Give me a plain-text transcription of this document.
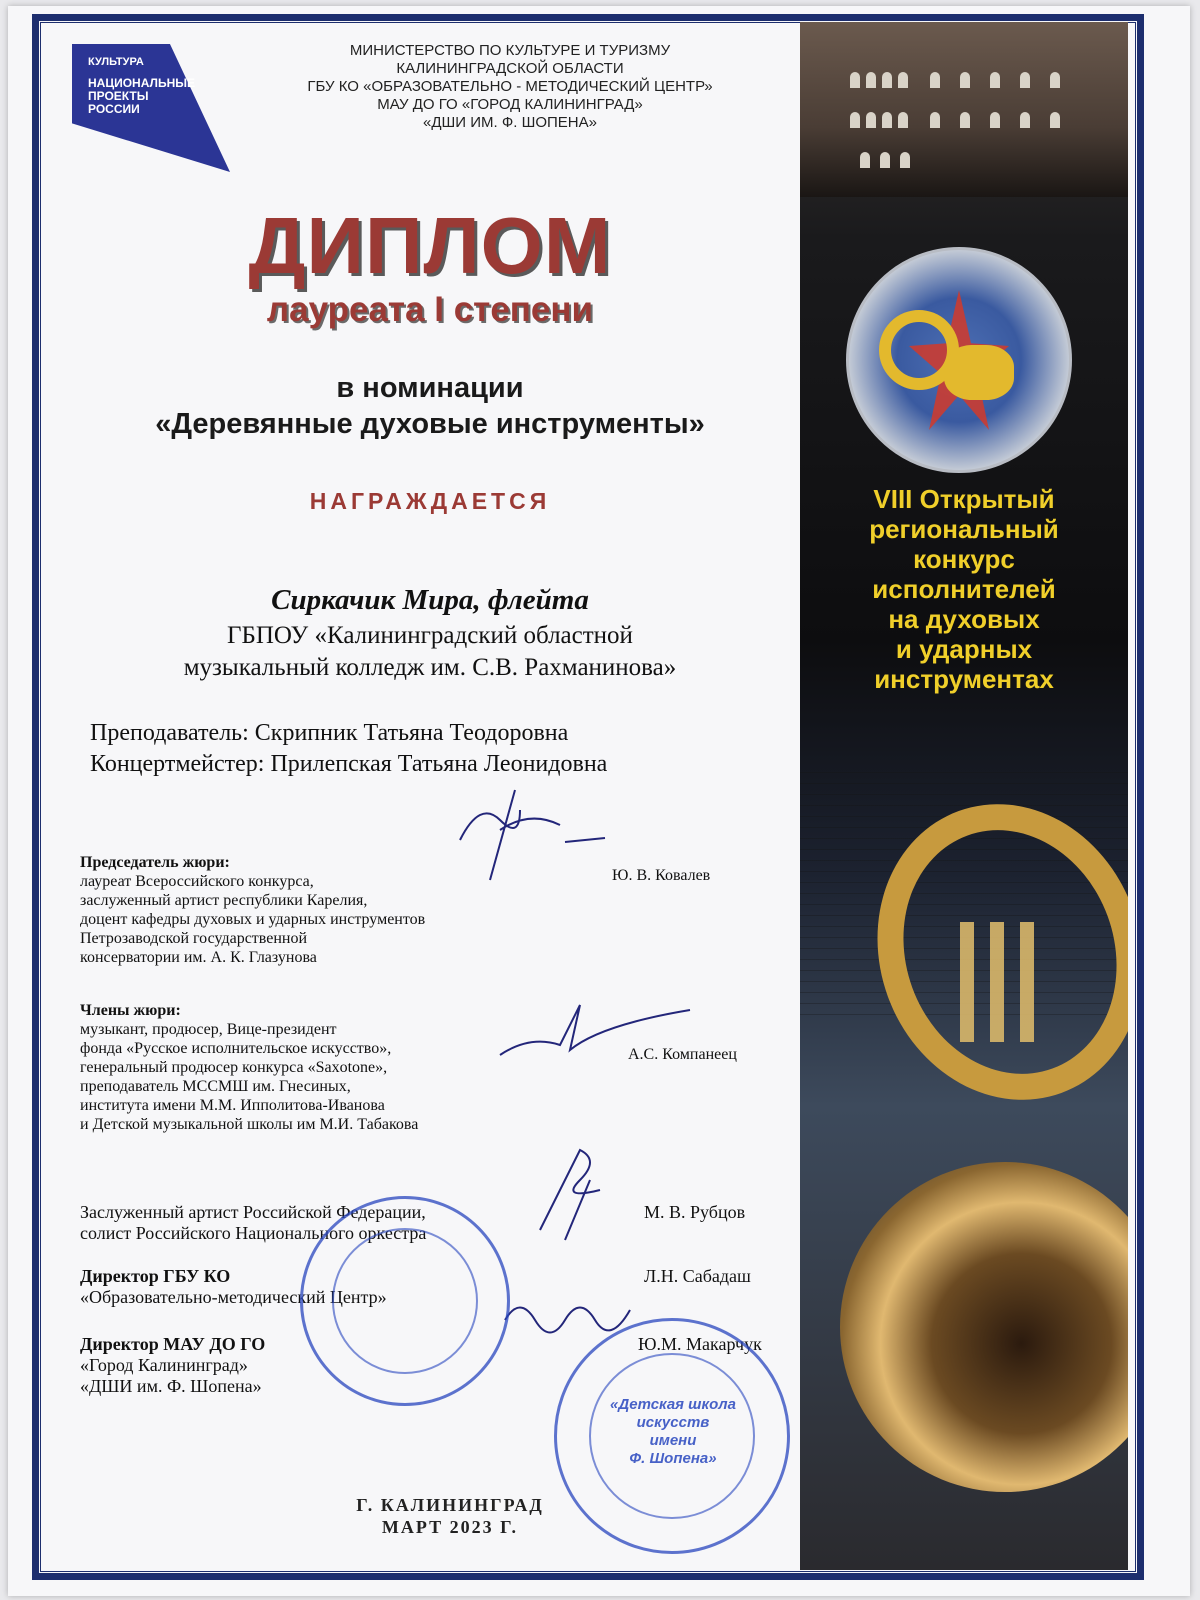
VIII Открытый
региональный
конкурс
исполнителей
на духовых
и ударных
инструментах
КУЛЬТУРА
НАЦИОНАЛЬНЫЕ ПРОЕКТЫ РОССИИ
МИНИСТЕРСТВО ПО КУЛЬТУРЕ И ТУРИЗМУ
КАЛИНИНГРАДСКОЙ ОБЛАСТИ
ГБУ КО «ОБРАЗОВАТЕЛЬНО - МЕТОДИЧЕСКИЙ ЦЕНТР»
МАУ ДО ГО «ГОРОД КАЛИНИНГРАД»
«ДШИ ИМ. Ф. ШОПЕНА»
ДИПЛОМ
лауреата I степени
в номинации
«Деревянные духовые инструменты»
НАГРАЖДАЕТСЯ
Сиркачик Мира, флейта
ГБПОУ «Калининградский областной
музыкальный колледж им. С.В. Рахманинова»
Преподаватель: Скрипник Татьяна Теодоровна
Концертмейстер: Прилепская Татьяна Леонидовна
Председатель жюри:
лауреат Всероссийского конкурса,
заслуженный артист республики Карелия,
доцент кафедры духовых и ударных инструментов
Петрозаводской государственной
консерватории им. А. К. Глазунова
Ю. В. Ковалев
Члены жюри:
музыкант, продюсер, Вице-президент
фонда «Русское исполнительское искусство»,
генеральный продюсер конкурса «Saxotone»,
преподаватель МССМШ им. Гнесиных,
института имени М.М. Ипполитова-Иванова
и Детской музыкальной школы им М.И. Табакова
А.С. Компанеец
Заслуженный артист Российской Федерации,
солист Российского Национального оркестра
М. В. Рубцов
Директор ГБУ КО
«Образовательно-методический Центр»
Л.Н. Сабадаш
Директор МАУ ДО ГО
«Город Калининград»
«ДШИ им. Ф. Шопена»
Ю.М. Макарчук
«Детская школа
искусств
имени
Ф. Шопена»
Г. КАЛИНИНГРАД
МАРТ 2023 Г.
